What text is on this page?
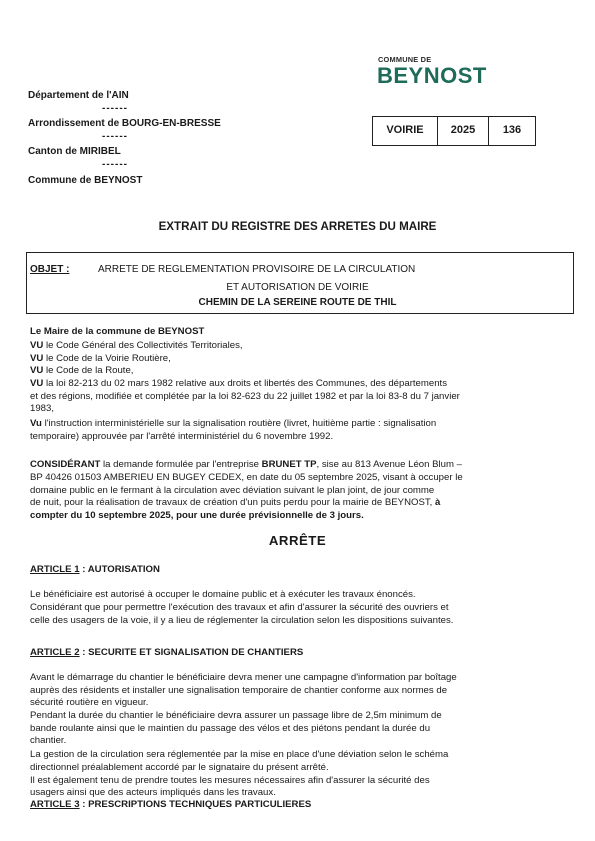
COMMUNE DE
BEYNOST
Département de l'AIN
------
Arrondissement de BOURG-EN-BRESSE
------
Canton de MIRIBEL
------
Commune de BEYNOST
VOIRIE	2025	136
EXTRAIT DU REGISTRE DES ARRETES DU MAIRE
OBJET :	ARRETE DE REGLEMENTATION PROVISOIRE DE LA CIRCULATION
ET AUTORISATION DE VOIRIE
CHEMIN DE LA SEREINE ROUTE DE THIL
Le Maire de la commune de BEYNOST
VU le Code Général des Collectivités Territoriales,
VU le Code de la Voirie Routière,
VU le Code de la Route,
VU la loi 82-213 du 02 mars 1982 relative aux droits et libertés des Communes, des départements
et des régions, modifiée et complétée par la loi 82-623 du 22 juillet 1982 et par la loi 83-8 du 7 janvier
1983,
Vu l'instruction interministérielle sur la signalisation routière (livret, huitième partie : signalisation
temporaire) approuvée par l'arrêté interministériel du 6 novembre 1992.
CONSIDÉRANT la demande formulée par l'entreprise BRUNET TP, sise au 813 Avenue Léon Blum –
BP 40426 01503 AMBERIEU EN BUGEY CEDEX, en date du 05 septembre 2025, visant à occuper le
domaine public en le fermant à la circulation avec déviation suivant le plan joint, de jour comme
de nuit, pour la réalisation de travaux de création d'un puits perdu pour la mairie de BEYNOST, à
compter du 10 septembre 2025, pour une durée prévisionnelle de 3 jours.
ARRÊTE
ARTICLE 1 : AUTORISATION
Le bénéficiaire est autorisé à occuper le domaine public et à exécuter les travaux énoncés.
Considérant que pour permettre l'exécution des travaux et afin d'assurer la sécurité des ouvriers et
celle des usagers de la voie, il y a lieu de réglementer la circulation selon les dispositions suivantes.
ARTICLE 2 : SECURITE ET SIGNALISATION DE CHANTIERS
Avant le démarrage du chantier le bénéficiaire devra mener une campagne d'information par boîtage
auprès des résidents et installer une signalisation temporaire de chantier conforme aux normes de
sécurité routière en vigueur.
Pendant la durée du chantier le bénéficiaire devra assurer un passage libre de 2,5m minimum de
bande roulante ainsi que le maintien du passage des vélos et des piétons pendant la durée du
chantier.
La gestion de la circulation sera réglementée par la mise en place d'une déviation selon le schéma
directionnel préalablement accordé par le signataire du présent arrêté.
Il est également tenu de prendre toutes les mesures nécessaires afin d'assurer la sécurité des
usagers ainsi que des acteurs impliqués dans les travaux.
ARTICLE 3 : PRESCRIPTIONS TECHNIQUES PARTICULIERES
